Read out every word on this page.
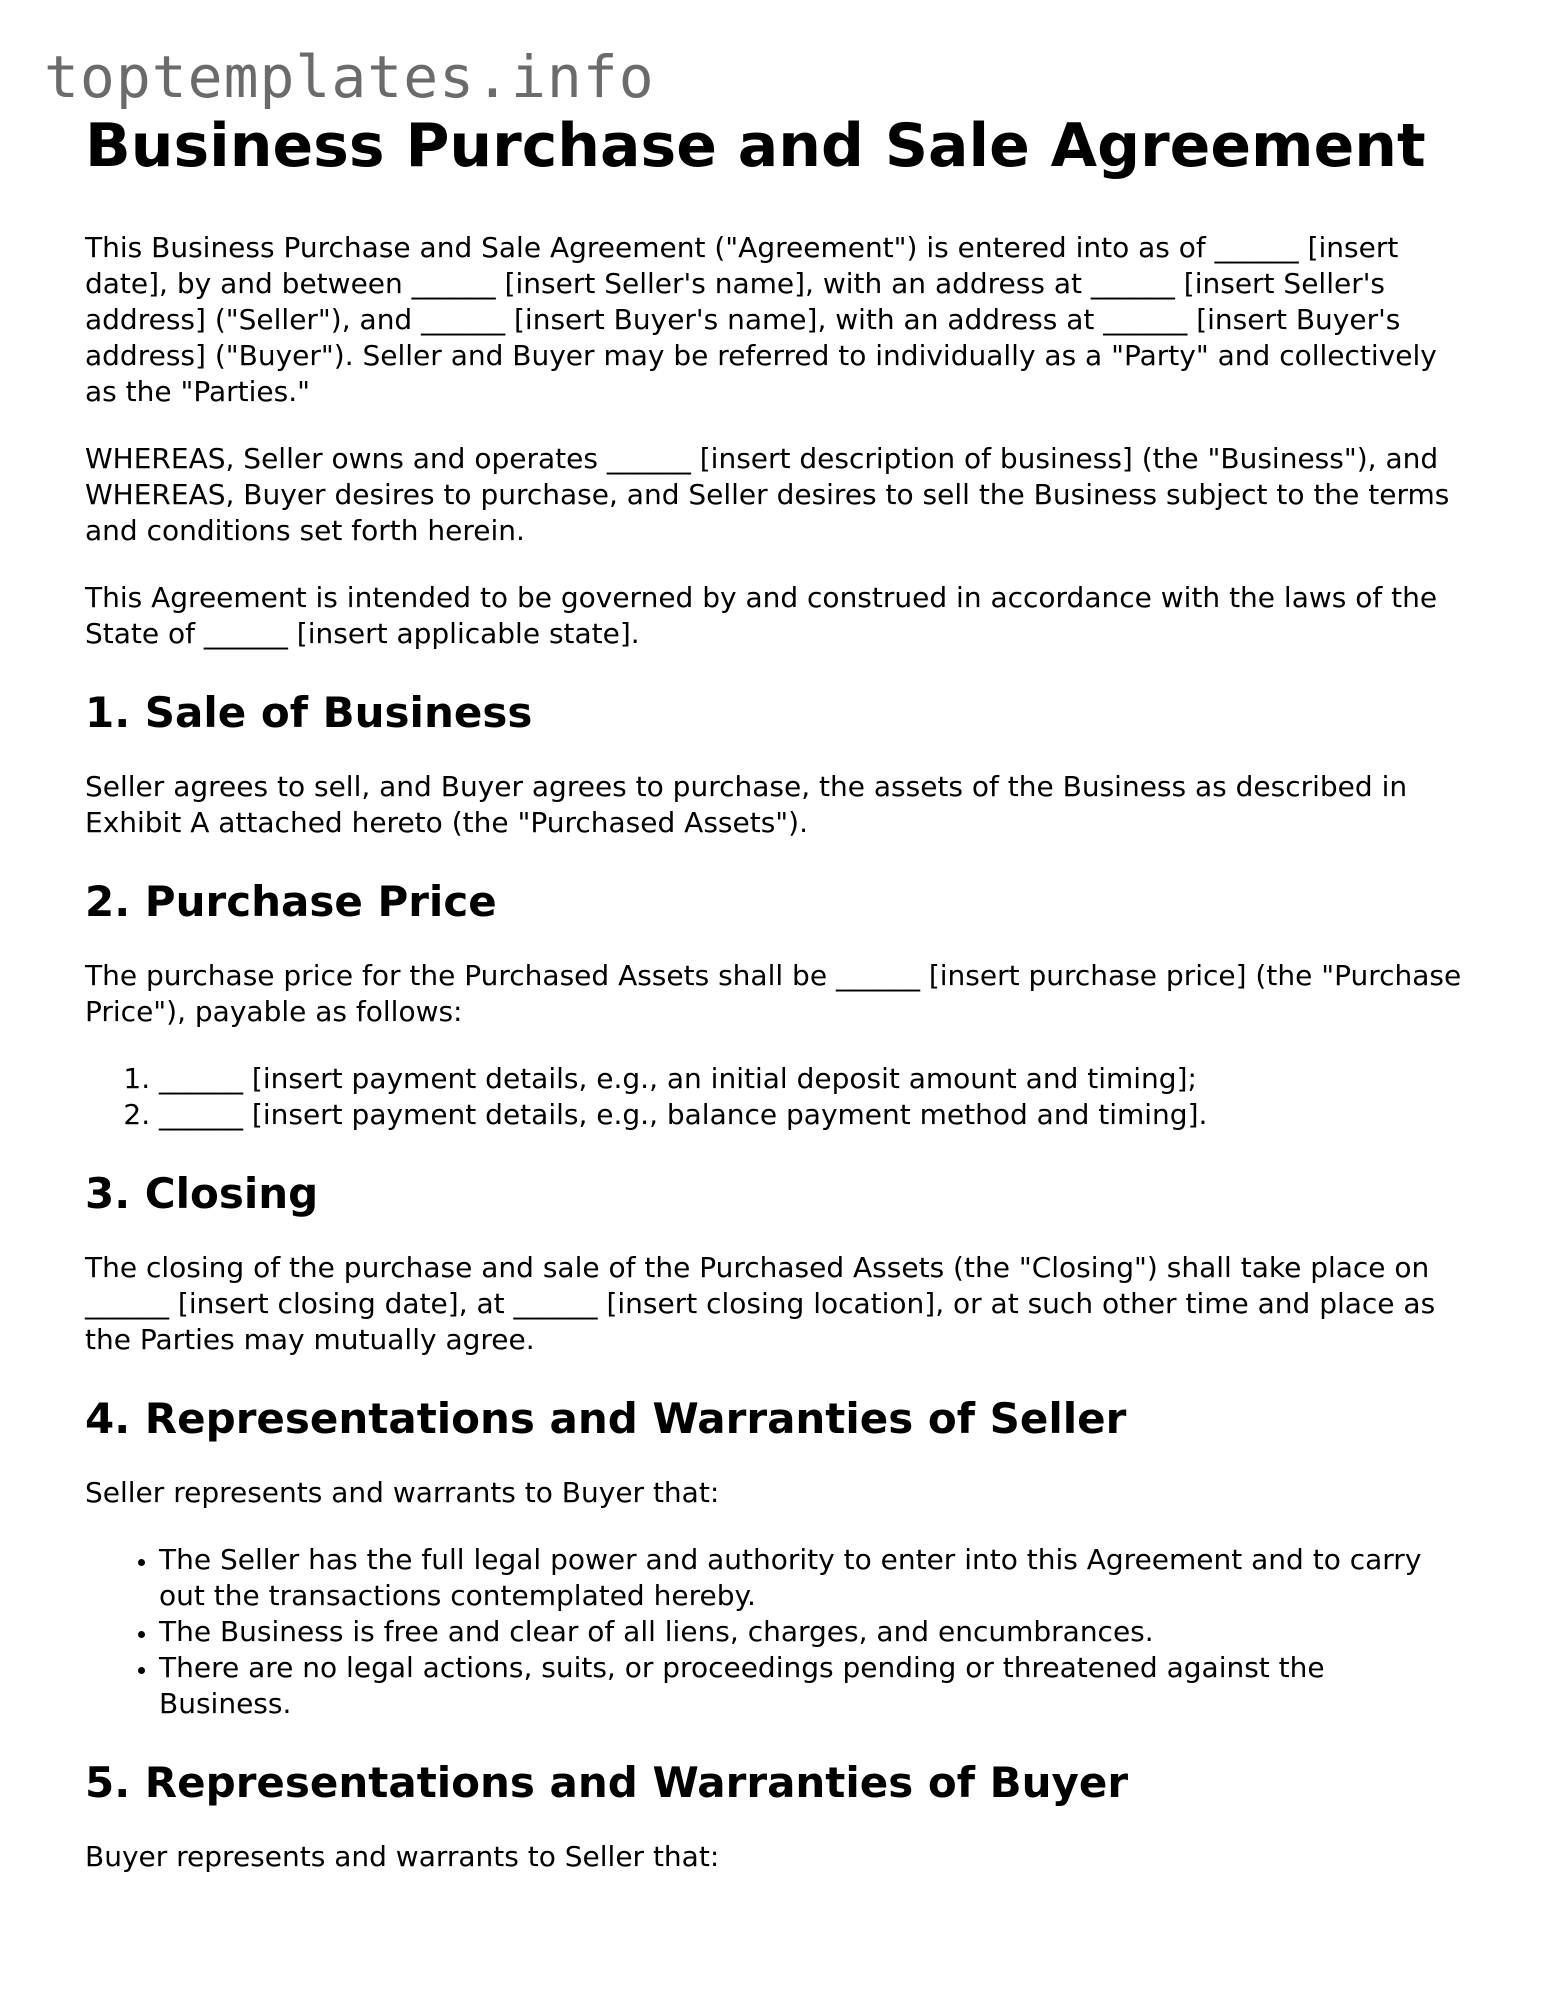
toptemplates.info
Business Purchase and Sale Agreement

This Business Purchase and Sale Agreement ("Agreement") is entered into as of ______ [insert date], by and between ______ [insert Seller's name], with an address at ______ [insert Seller's address] ("Seller"), and ______ [insert Buyer's name], with an address at ______ [insert Buyer's address] ("Buyer"). Seller and Buyer may be referred to individually as a "Party" and collectively as the "Parties."

WHEREAS, Seller owns and operates ______ [insert description of business] (the "Business"), and WHEREAS, Buyer desires to purchase, and Seller desires to sell the Business subject to the terms and conditions set forth herein.

This Agreement is intended to be governed by and construed in accordance with the laws of the State of ______ [insert applicable state].

1. Sale of Business

Seller agrees to sell, and Buyer agrees to purchase, the assets of the Business as described in Exhibit A attached hereto (the "Purchased Assets").

2. Purchase Price

The purchase price for the Purchased Assets shall be ______ [insert purchase price] (the "Purchase Price"), payable as follows:

1. ______ [insert payment details, e.g., an initial deposit amount and timing];
2. ______ [insert payment details, e.g., balance payment method and timing].
3. Closing

The closing of the purchase and sale of the Purchased Assets (the "Closing") shall take place on ______ [insert closing date], at ______ [insert closing location], or at such other time and place as the Parties may mutually agree.

4. Representations and Warranties of Seller

Seller represents and warrants to Buyer that:

• The Seller has the full legal power and authority to enter into this Agreement and to carry out the transactions contemplated hereby.
• The Business is free and clear of all liens, charges, and encumbrances.
• There are no legal actions, suits, or proceedings pending or threatened against the Business.
5. Representations and Warranties of Buyer

Buyer represents and warrants to Seller that:
